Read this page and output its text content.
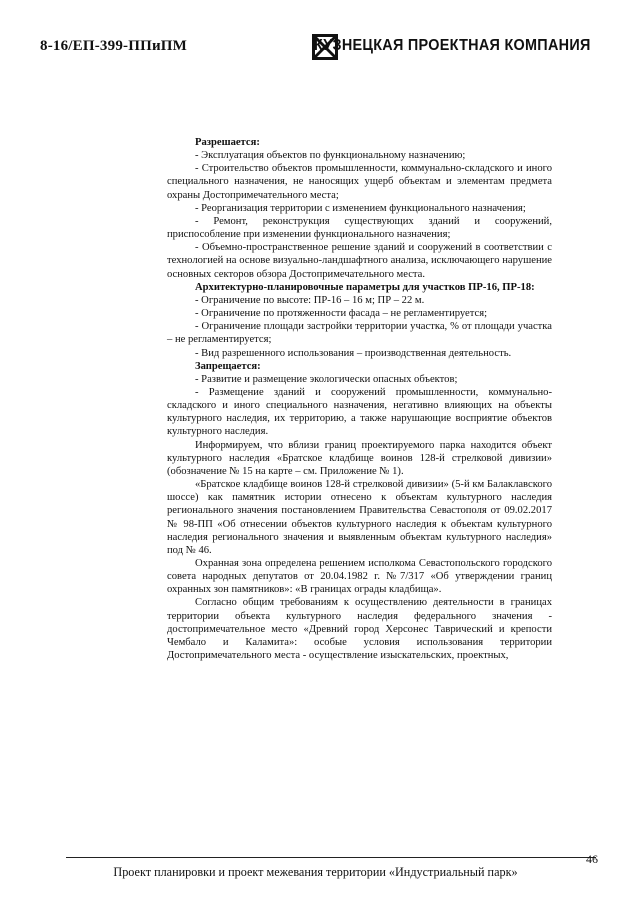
8-16/ЕП-399-ППиПМ	КУЗНЕЦКАЯ ПРОЕКТНАЯ КОМПАНИЯ

Разрешается:

- Эксплуатация объектов по функциональному назначению;

- Строительство объектов промышленности, коммунально-складского и иного специального назначения, не наносящих ущерб объектам и элементам предмета охраны Достопримечательного места;

- Реорганизация территории с изменением функционального назначения;

- Ремонт, реконструкция существующих зданий и сооружений, приспособление при изменении функционального назначения;

- Объемно-пространственное решение зданий и сооружений в соответствии с технологией на основе визуально-ландшафтного анализа, исключающего нарушение основных секторов обзора Достопримечательного места.

Архитектурно-планировочные параметры для участков ПР-16, ПР-18:

- Ограничение по высоте: ПР-16 – 16 м; ПР – 22 м.

- Ограничение по протяженности фасада – не регламентируется;

- Ограничение площади застройки территории участка, % от площади участка – не регламентируется;

- Вид разрешенного использования – производственная деятельность.

Запрещается:

- Развитие и размещение экологически опасных объектов;

- Размещение зданий и сооружений промышленности, коммунально-складского и иного специального назначения, негативно влияющих на объекты культурного наследия, их территорию, а также нарушающие восприятие объектов культурного наследия.

Информируем, что вблизи границ проектируемого парка находится объект культурного наследия «Братское кладбище воинов 128-й стрелковой дивизии» (обозначение № 15 на карте – см. Приложение № 1).

«Братское кладбище воинов 128-й стрелковой дивизии» (5-й км Балаклавского шоссе) как памятник истории отнесено к объектам культурного наследия регионального значения постановлением Правительства Севастополя от 09.02.2017 № 98-ПП «Об отнесении объектов культурного наследия к объектам культурного наследия регионального значения и выявленным объектам культурного наследия» под № 46.

Охранная зона определена решением исполкома Севастопольского городского совета народных депутатов от 20.04.1982 г. №7/317 «Об утверждении границ охранных зон памятников»: «В границах ограды кладбища».

Согласно общим требованиям к осуществлению деятельности в границах территории объекта культурного наследия федерального значения - достопримечательное место «Древний город Херсонес Таврический и крепости Чембало и Каламита»: особые условия использования территории Достопримечательного места - осуществление изыскательских, проектных,

46
Проект планировки и проект межевания территории «Индустриальный парк»
